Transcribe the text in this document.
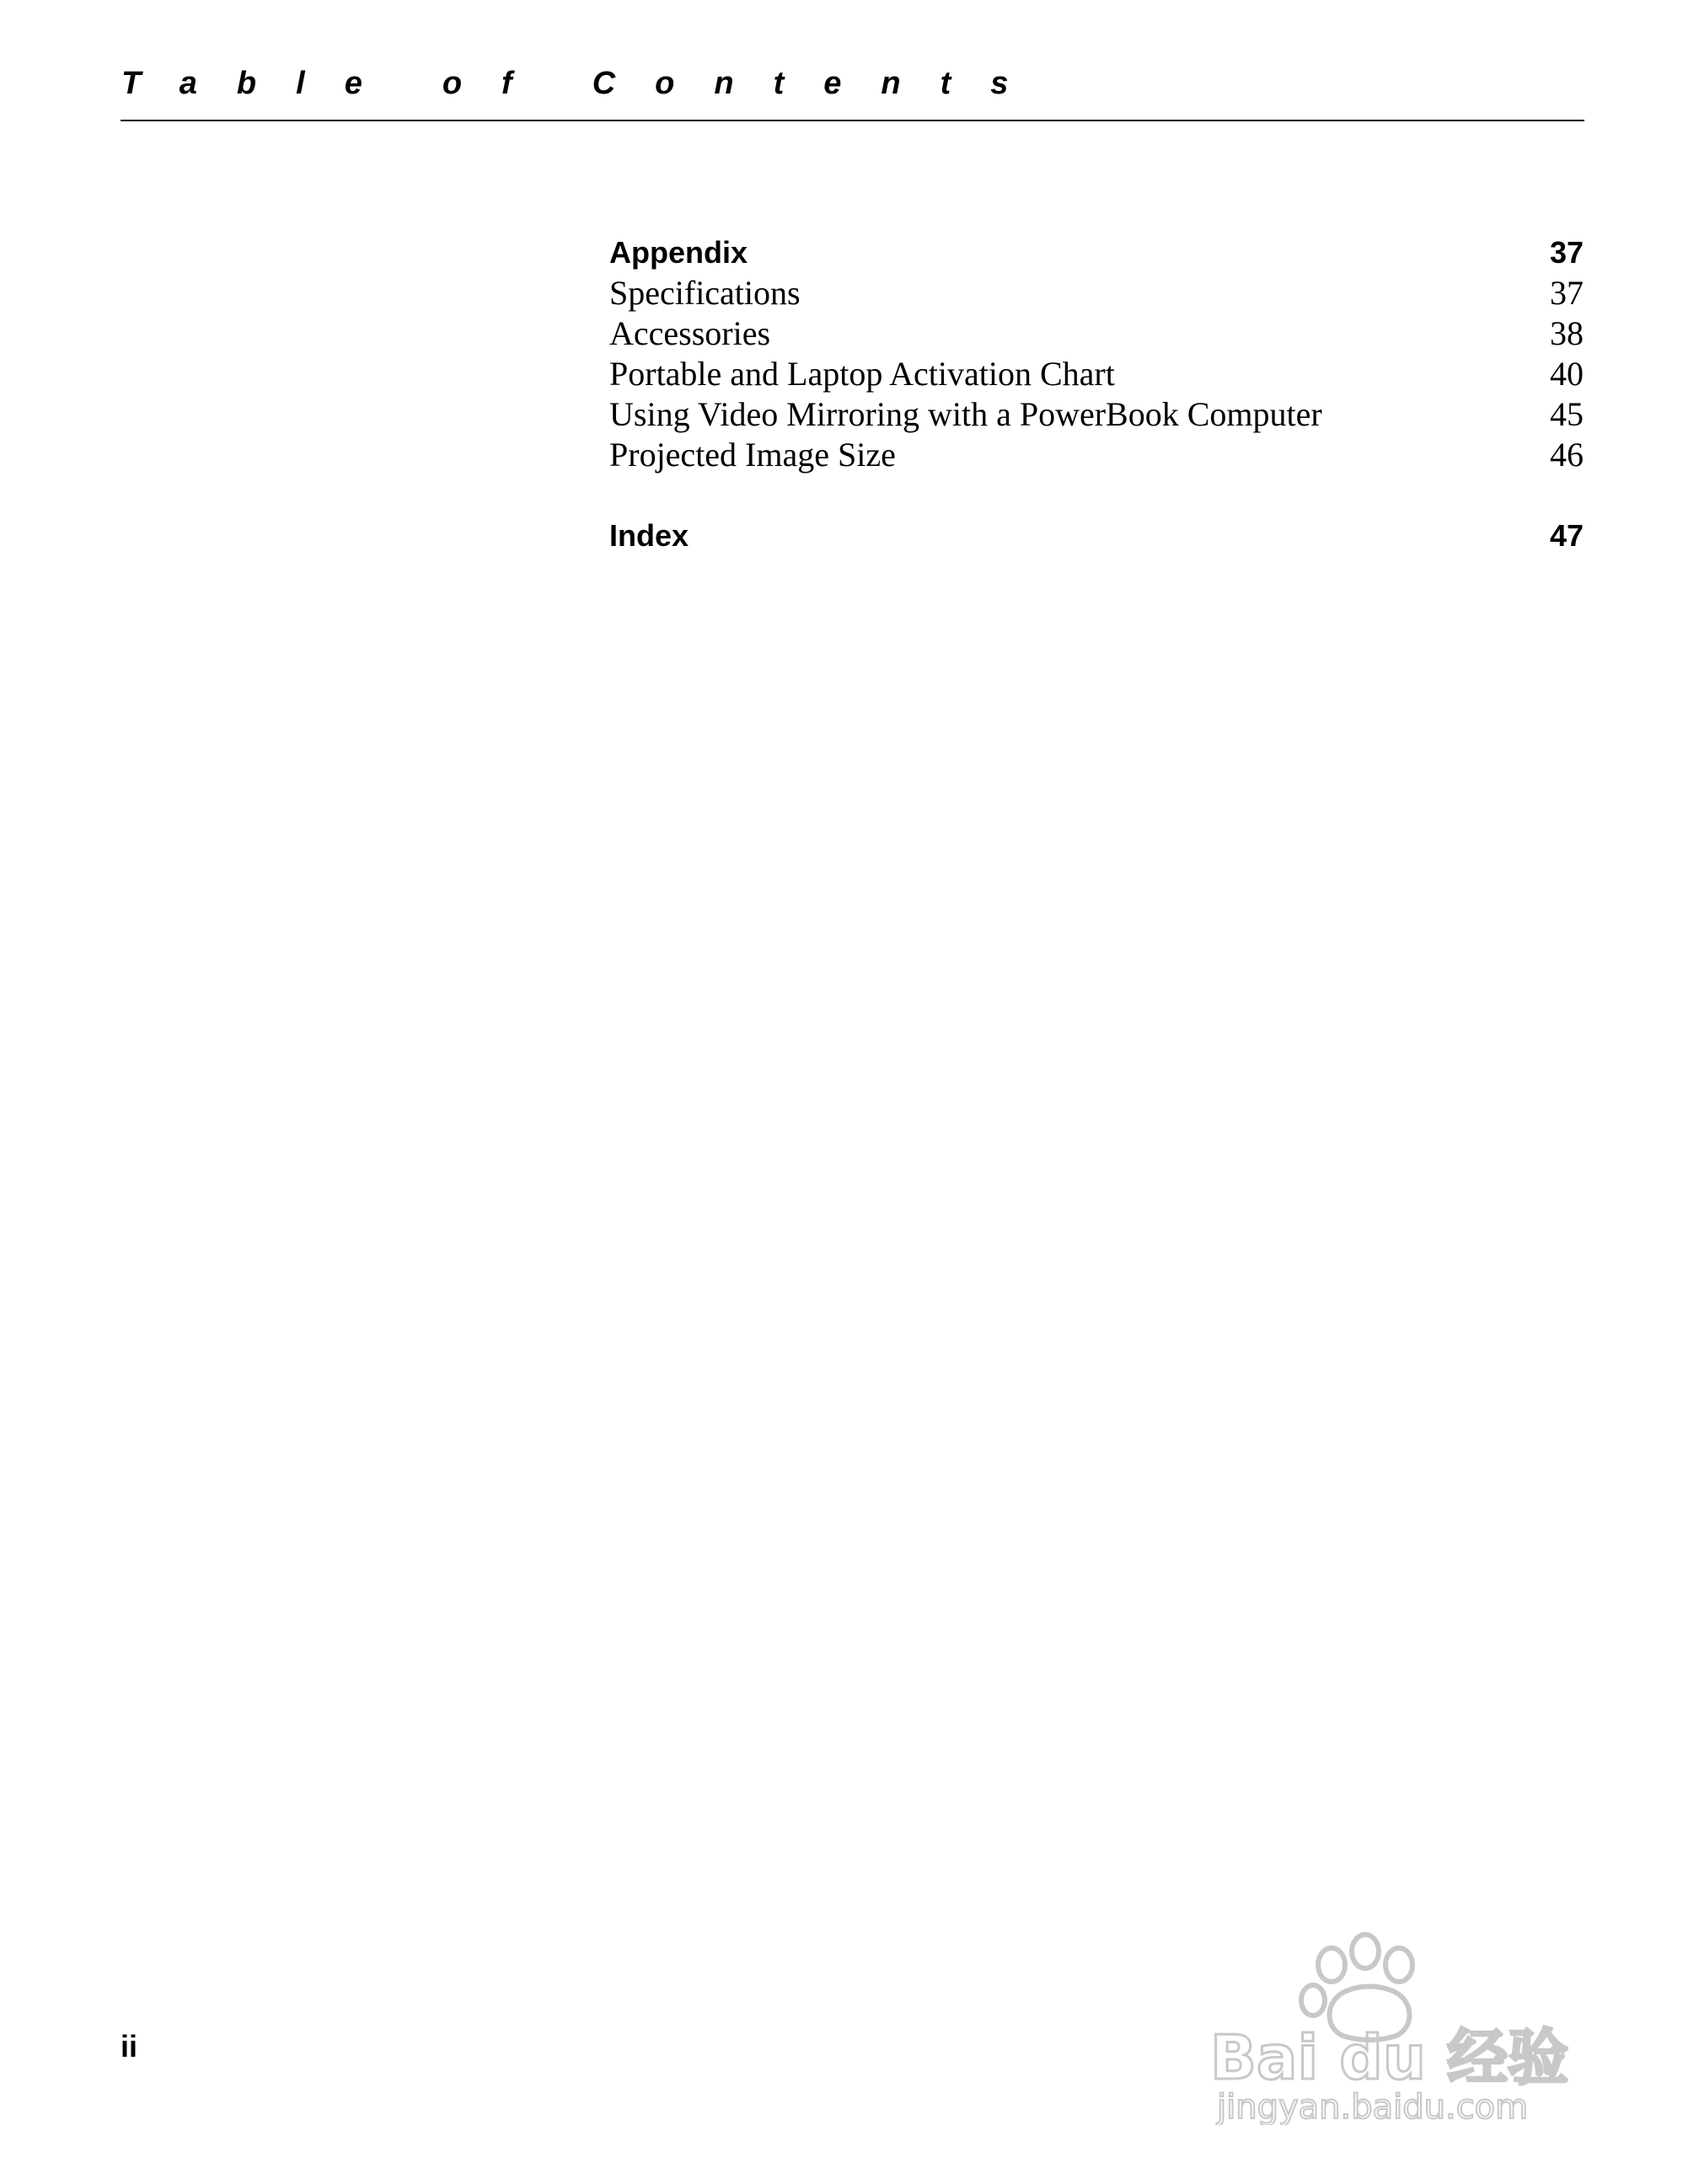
Table of Contents
Appendix	37
Specifications	37
Accessories	38
Portable and Laptop Activation Chart	40
Using Video Mirroring with a PowerBook Computer	45
Projected Image Size	46
Index	47
ii	Bai du 经验
jingyan.baidu.com
